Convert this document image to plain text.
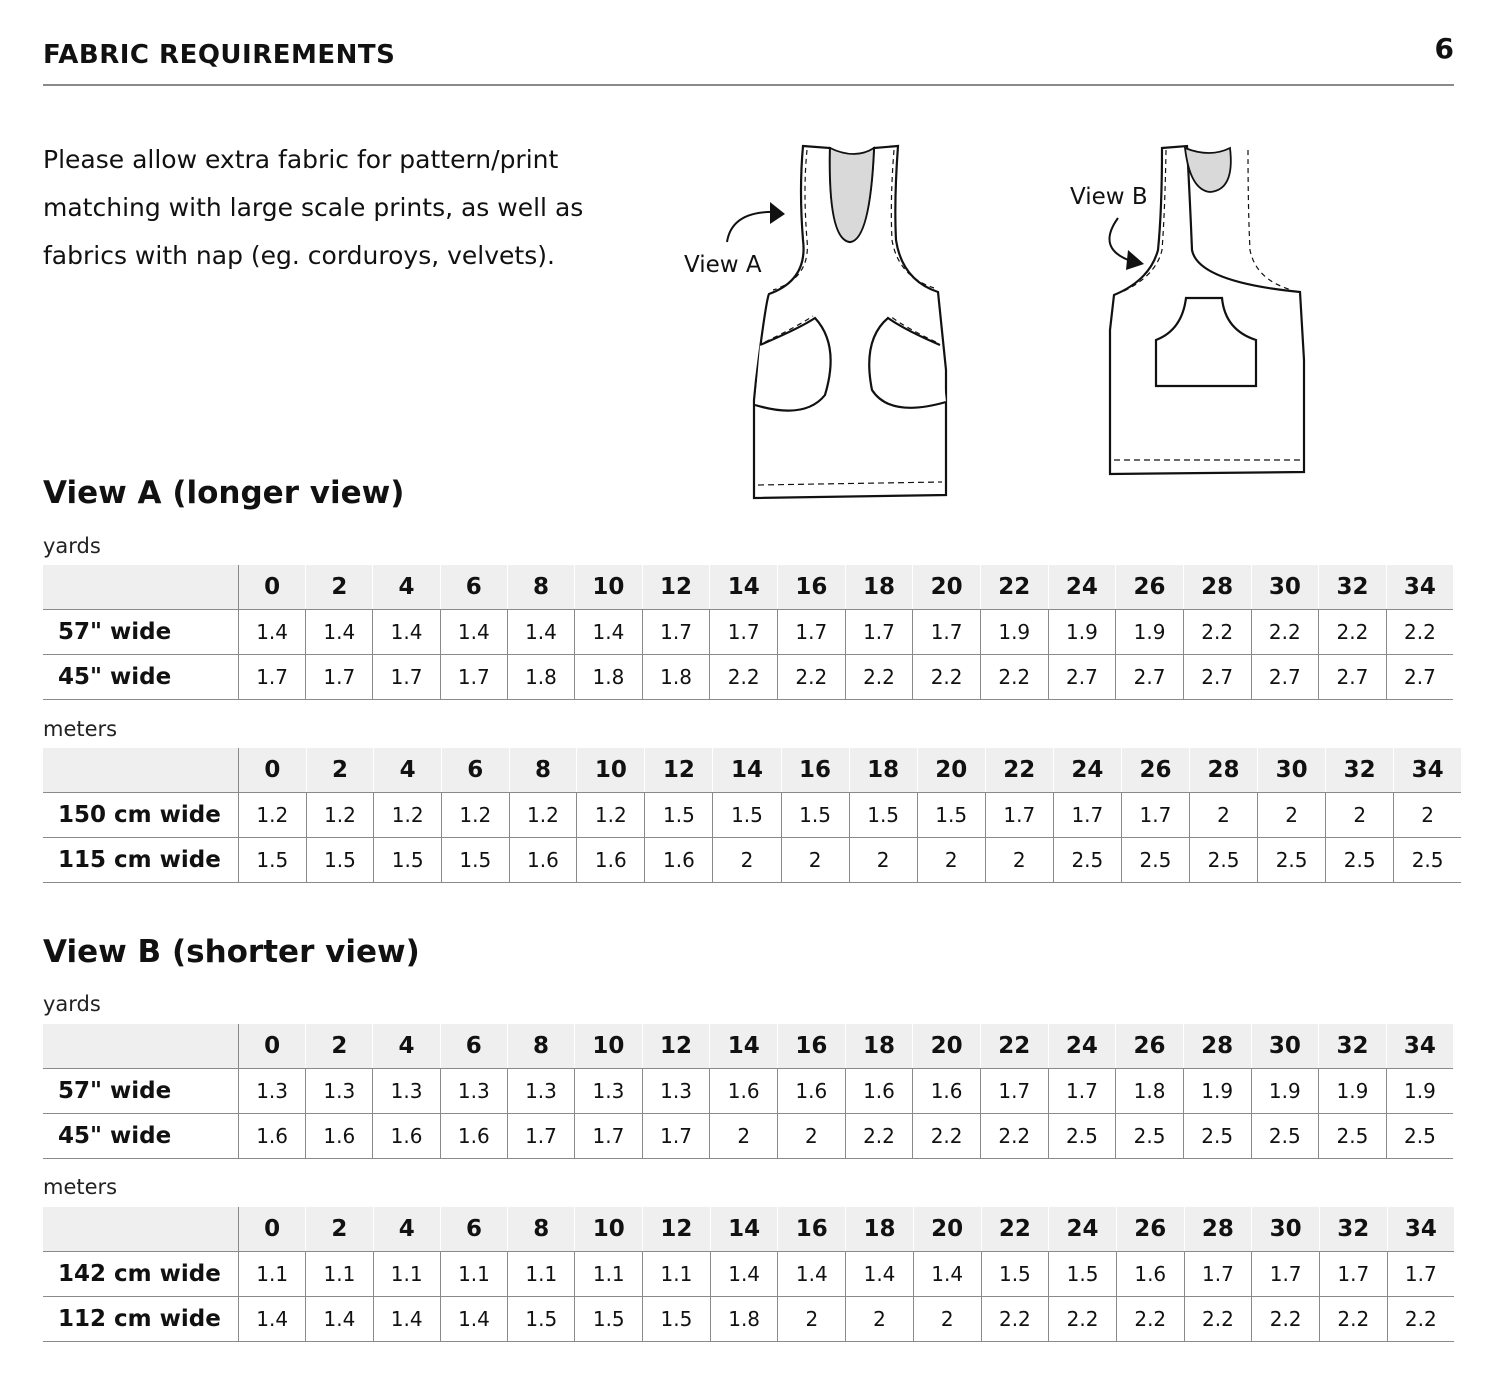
FABRIC REQUIREMENTS	6
Please allow extra fabric for pattern/print matching with large scale prints, as well as fabrics with nap (eg. corduroys, velvets).	View A
View B
View A (longer view)
yards
	0	2	4	6	8	10	12	14	16	18	20	22	24	26	28	30	32	34
57" wide	1.4	1.4	1.4	1.4	1.4	1.4	1.7	1.7	1.7	1.7	1.7	1.9	1.9	1.9	2.2	2.2	2.2	2.2
45" wide	1.7	1.7	1.7	1.7	1.8	1.8	1.8	2.2	2.2	2.2	2.2	2.2	2.7	2.7	2.7	2.7	2.7	2.7
meters
	0	2	4	6	8	10	12	14	16	18	20	22	24	26	28	30	32	34
150 cm wide	1.2	1.2	1.2	1.2	1.2	1.2	1.5	1.5	1.5	1.5	1.5	1.7	1.7	1.7	2	2	2	2
115 cm wide	1.5	1.5	1.5	1.5	1.6	1.6	1.6	2	2	2	2	2	2.5	2.5	2.5	2.5	2.5	2.5
View B (shorter view)
yards
	0	2	4	6	8	10	12	14	16	18	20	22	24	26	28	30	32	34
57" wide	1.3	1.3	1.3	1.3	1.3	1.3	1.3	1.6	1.6	1.6	1.6	1.7	1.7	1.8	1.9	1.9	1.9	1.9
45" wide	1.6	1.6	1.6	1.6	1.7	1.7	1.7	2	2	2.2	2.2	2.2	2.5	2.5	2.5	2.5	2.5	2.5
meters
	0	2	4	6	8	10	12	14	16	18	20	22	24	26	28	30	32	34
142 cm wide	1.1	1.1	1.1	1.1	1.1	1.1	1.1	1.4	1.4	1.4	1.4	1.5	1.5	1.6	1.7	1.7	1.7	1.7
112 cm wide	1.4	1.4	1.4	1.4	1.5	1.5	1.5	1.8	2	2	2	2.2	2.2	2.2	2.2	2.2	2.2	2.2
